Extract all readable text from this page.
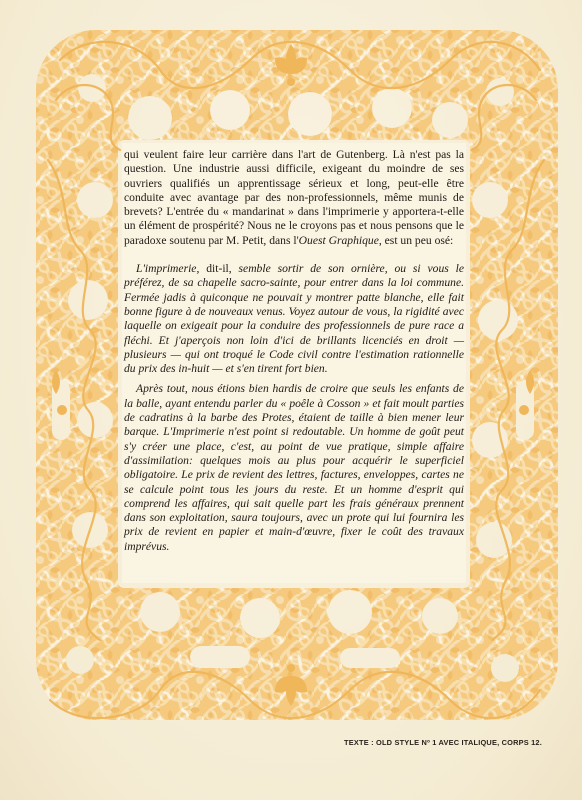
qui veulent faire leur carrière dans l'art de Gutenberg. Là n'est pas la question. Une industrie aussi difficile, exigeant du moindre de ses ouvriers qualifiés un apprentissage sérieux et long, peut-elle être conduite avec avantage par des non-professionnels, même munis de brevets? L'entrée du « mandarinat » dans l'imprimerie y apportera-t-elle un élément de prospérité? Nous ne le croyons pas et nous pensons que le paradoxe soutenu par M. Petit, dans l'Ouest Graphique, est un peu osé:

L'imprimerie, dit-il, semble sortir de son ornière, ou si vous le préférez, de sa chapelle sacro-sainte, pour entrer dans la loi commune. Fermée jadis à quiconque ne pouvait y montrer patte blanche, elle fait bonne figure à de nouveaux venus. Voyez autour de vous, la rigidité avec laquelle on exigeait pour la conduire des professionnels de pure race a fléchi. Et j'aperçois non loin d'ici de brillants licenciés en droit — plusieurs — qui ont troqué le Code civil contre l'estimation rationnelle du prix des in-huit — et s'en tirent fort bien.

Après tout, nous étions bien hardis de croire que seuls les enfants de la balle, ayant entendu parler du « poêle à Cosson » et fait moult parties de cadratins à la barbe des Protes, étaient de taille à bien mener leur barque. L'Imprimerie n'est point si redoutable. Un homme de goût peut s'y créer une place, c'est, au point de vue pratique, simple affaire d'assimilation: quelques mois au plus pour acquérir le superficiel obligatoire. Le prix de revient des lettres, factures, enveloppes, cartes ne se calcule point tous les jours du reste. Et un homme d'esprit qui comprend les affaires, qui sait quelle part les frais généraux prennent dans son exploitation, saura toujours, avec un prote qui lui fournira les prix de revient en papier et main-d'œuvre, fixer le coût des travaux imprévus.

TEXTE : OLD STYLE Nº 1 AVEC ITALIQUE, CORPS 12.
